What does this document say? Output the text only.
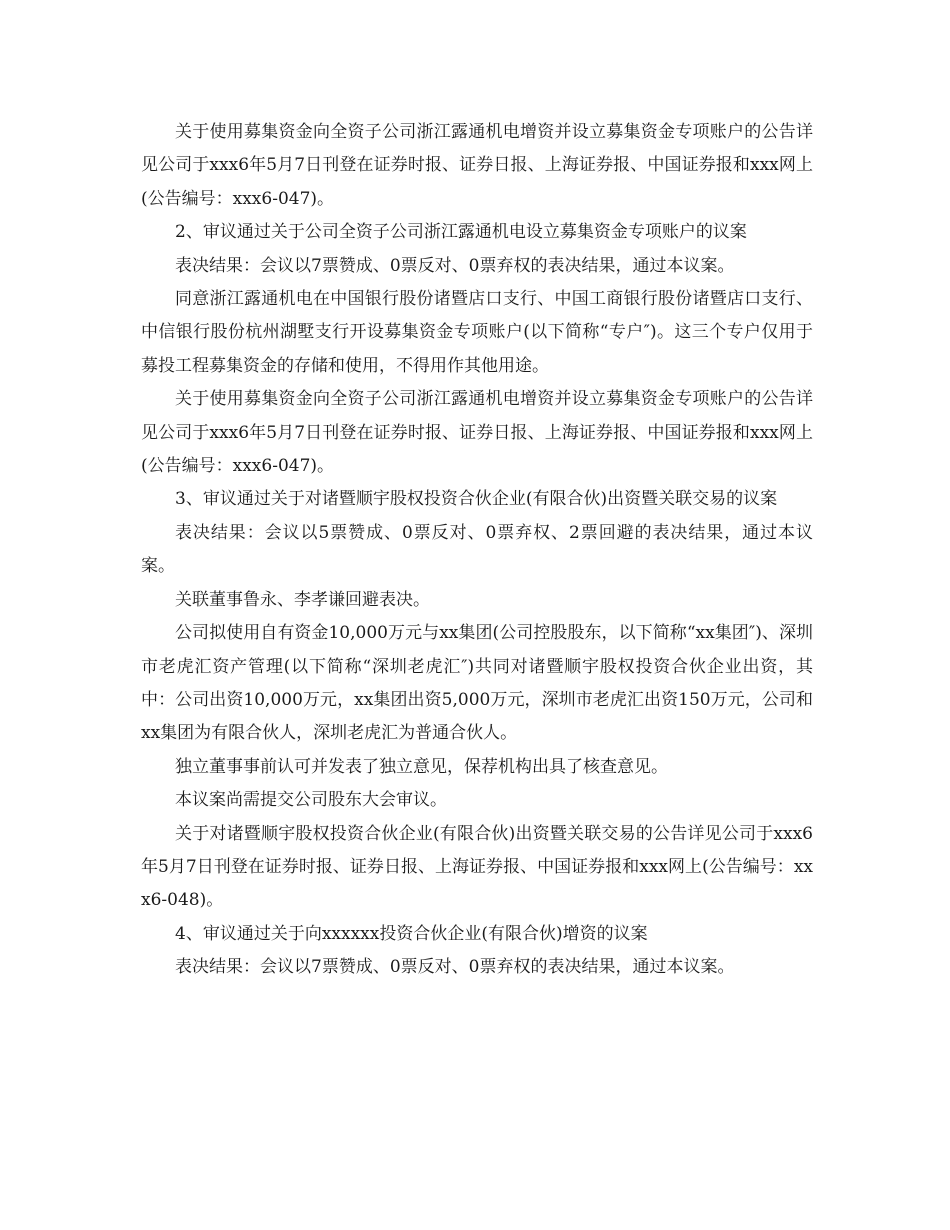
关于使用募集资金向全资子公司浙江露通机电增资并设立募集资金专项账户的公告详见公司于xxx6年5月7日刊登在证券时报、证券日报、上海证券报、中国证券报和xxx网上(公告编号：xxx6-047)。

2、审议通过关于公司全资子公司浙江露通机电设立募集资金专项账户的议案

表决结果：会议以7票赞成、0票反对、0票弃权的表决结果，通过本议案。

同意浙江露通机电在中国银行股份诸暨店口支行、中国工商银行股份诸暨店口支行、中信银行股份杭州湖墅支行开设募集资金专项账户(以下简称“专户″)。这三个专户仅用于募投工程募集资金的存储和使用，不得用作其他用途。

关于使用募集资金向全资子公司浙江露通机电增资并设立募集资金专项账户的公告详见公司于xxx6年5月7日刊登在证券时报、证券日报、上海证券报、中国证券报和xxx网上(公告编号：xxx6-047)。

3、审议通过关于对诸暨顺宇股权投资合伙企业(有限合伙)出资暨关联交易的议案

表决结果：会议以5票赞成、0票反对、0票弃权、2票回避的表决结果，通过本议案。

关联董事鲁永、李孝谦回避表决。

公司拟使用自有资金10,000万元与xx集团(公司控股股东，以下简称“xx集团″)、深圳市老虎汇资产管理(以下简称“深圳老虎汇″)共同对诸暨顺宇股权投资合伙企业出资，其中：公司出资10,000万元，xx集团出资5,000万元，深圳市老虎汇出资150万元，公司和xx集团为有限合伙人，深圳老虎汇为普通合伙人。

独立董事事前认可并发表了独立意见，保荐机构出具了核查意见。

本议案尚需提交公司股东大会审议。

关于对诸暨顺宇股权投资合伙企业(有限合伙)出资暨关联交易的公告详见公司于xxx6年5月7日刊登在证券时报、证券日报、上海证券报、中国证券报和xxx网上(公告编号：xxx6-048)。

4、审议通过关于向xxxxxx投资合伙企业(有限合伙)增资的议案

表决结果：会议以7票赞成、0票反对、0票弃权的表决结果，通过本议案。
